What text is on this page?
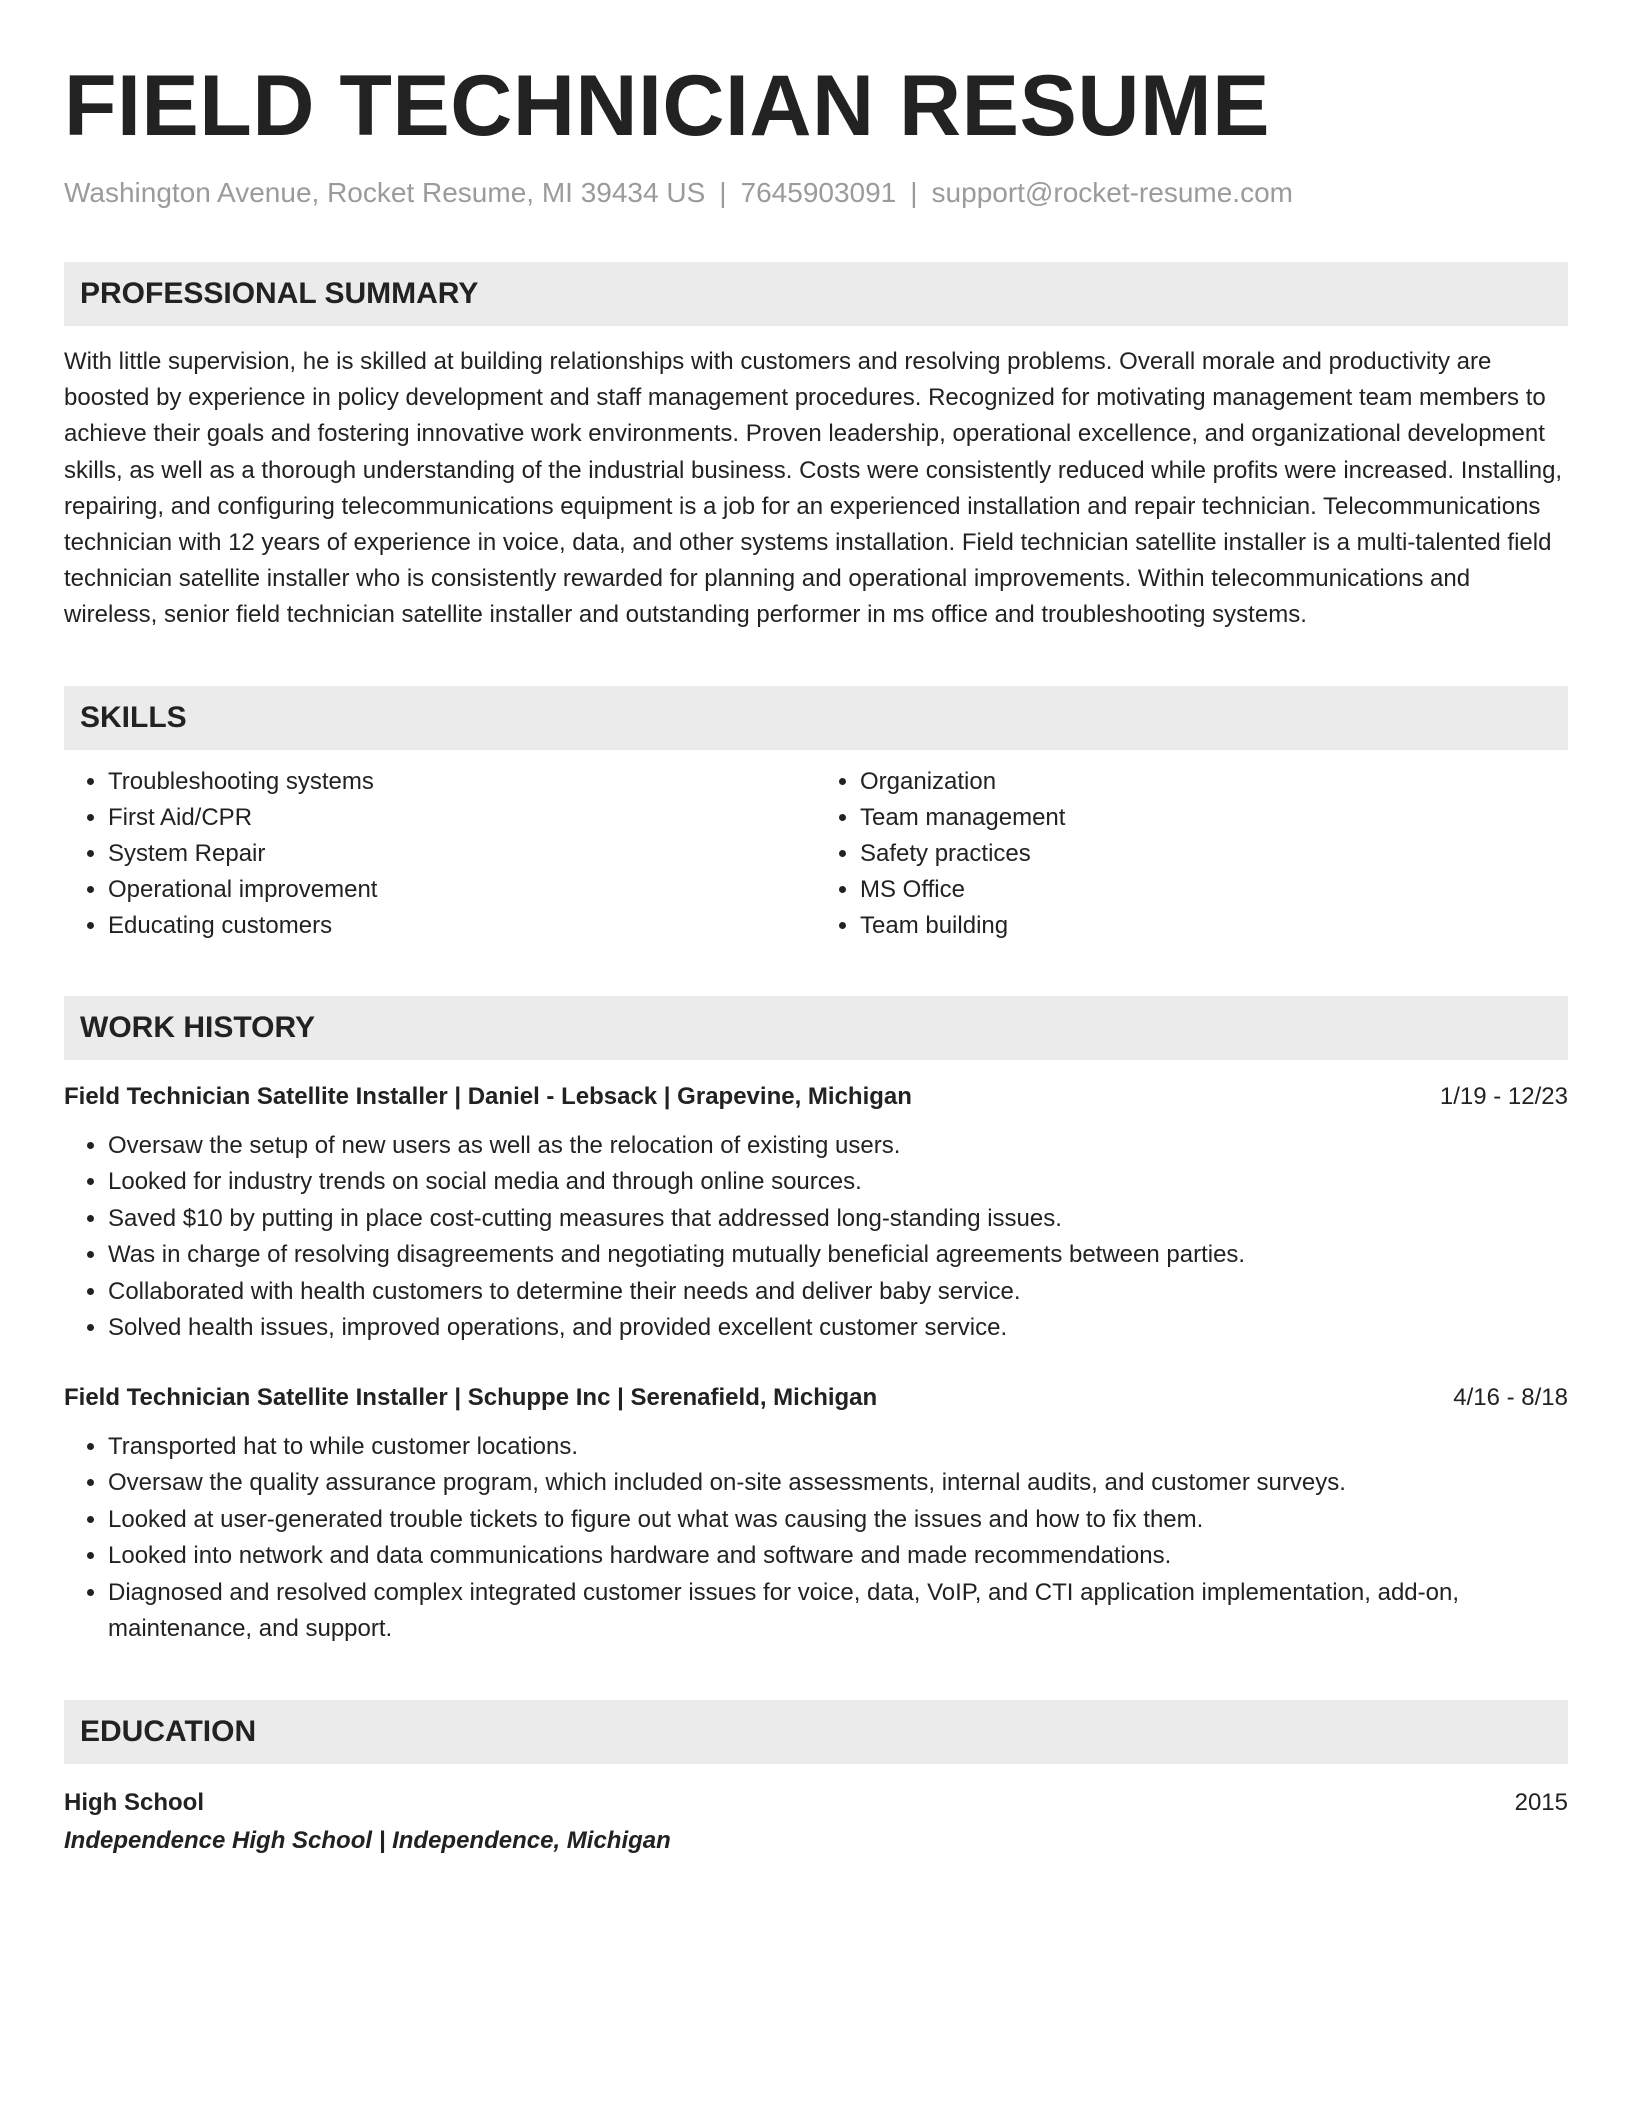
FIELD TECHNICIAN RESUME
Washington Avenue, Rocket Resume, MI 39434 US | 7645903091 | support@rocket-resume.com
PROFESSIONAL SUMMARY
With little supervision, he is skilled at building relationships with customers and resolving problems. Overall morale and productivity are boosted by experience in policy development and staff management procedures. Recognized for motivating management team members to achieve their goals and fostering innovative work environments. Proven leadership, operational excellence, and organizational development skills, as well as a thorough understanding of the industrial business. Costs were consistently reduced while profits were increased. Installing, repairing, and configuring telecommunications equipment is a job for an experienced installation and repair technician. Telecommunications technician with 12 years of experience in voice, data, and other systems installation. Field technician satellite installer is a multi-talented field technician satellite installer who is consistently rewarded for planning and operational improvements. Within telecommunications and wireless, senior field technician satellite installer and outstanding performer in ms office and troubleshooting systems.
SKILLS
• Troubleshooting systems
• First Aid/CPR
• System Repair
• Operational improvement
• Educating customers
• Organization
• Team management
• Safety practices
• MS Office
• Team building
WORK HISTORY
Field Technician Satellite Installer | Daniel - Lebsack | Grapevine, Michigan	1/19 - 12/23
• Oversaw the setup of new users as well as the relocation of existing users.
• Looked for industry trends on social media and through online sources.
• Saved $10 by putting in place cost-cutting measures that addressed long-standing issues.
• Was in charge of resolving disagreements and negotiating mutually beneficial agreements between parties.
• Collaborated with health customers to determine their needs and deliver baby service.
• Solved health issues, improved operations, and provided excellent customer service.
Field Technician Satellite Installer | Schuppe Inc | Serenafield, Michigan	4/16 - 8/18
• Transported hat to while customer locations.
• Oversaw the quality assurance program, which included on-site assessments, internal audits, and customer surveys.
• Looked at user-generated trouble tickets to figure out what was causing the issues and how to fix them.
• Looked into network and data communications hardware and software and made recommendations.
• Diagnosed and resolved complex integrated customer issues for voice, data, VoIP, and CTI application implementation, add-on, maintenance, and support.
EDUCATION
High School	2015
Independence High School | Independence, Michigan
